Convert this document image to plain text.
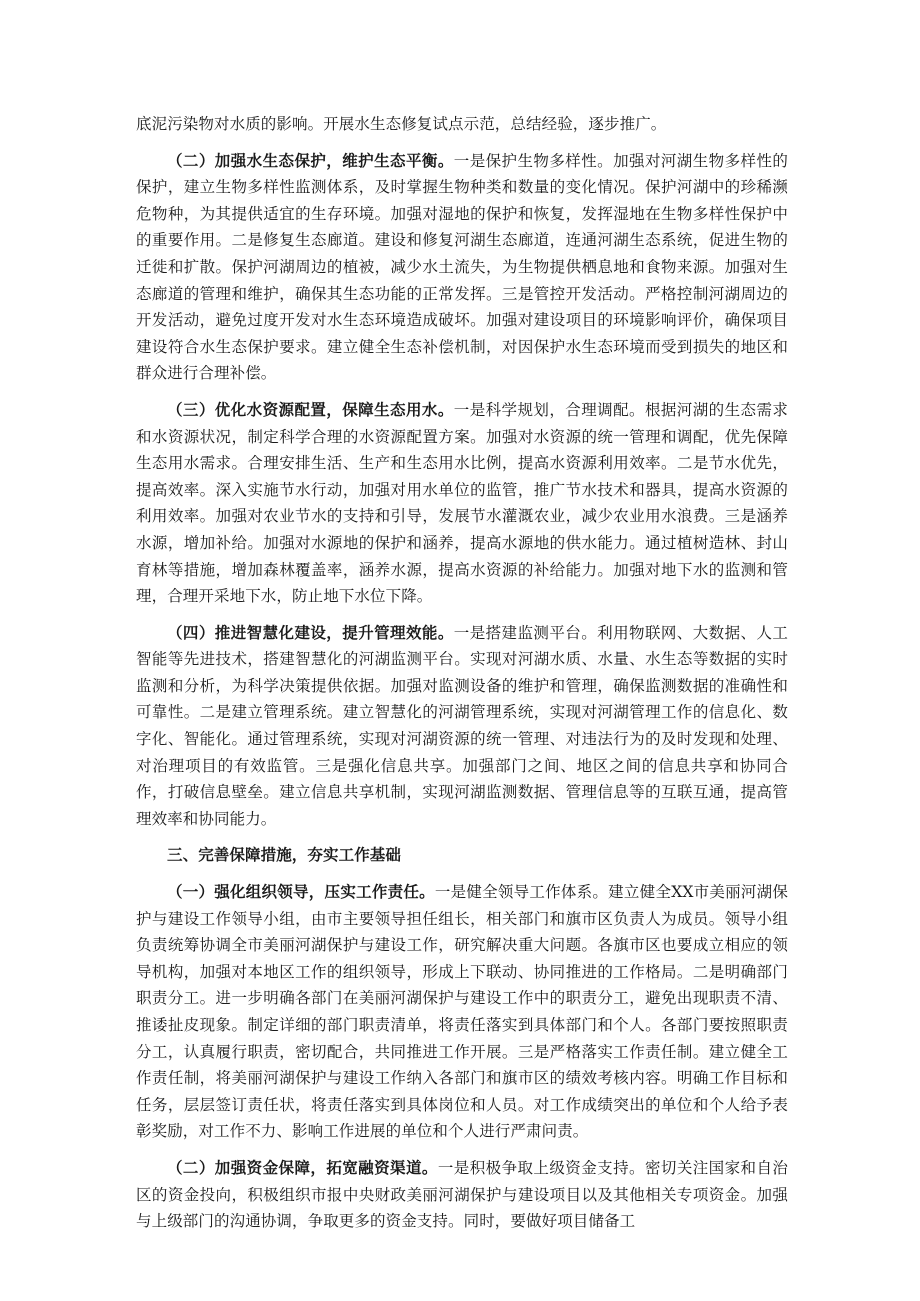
底泥污染物对水质的影响。开展水生态修复试点示范，总结经验，逐步推广。

（二）加强水生态保护，维护生态平衡。一是保护生物多样性。加强对河湖生物多样性的保护，建立生物多样性监测体系，及时掌握生物种类和数量的变化情况。保护河湖中的珍稀濒危物种，为其提供适宜的生存环境。加强对湿地的保护和恢复，发挥湿地在生物多样性保护中的重要作用。二是修复生态廊道。建设和修复河湖生态廊道，连通河湖生态系统，促进生物的迁徙和扩散。保护河湖周边的植被，减少水土流失，为生物提供栖息地和食物来源。加强对生态廊道的管理和维护，确保其生态功能的正常发挥。三是管控开发活动。严格控制河湖周边的开发活动，避免过度开发对水生态环境造成破坏。加强对建设项目的环境影响评价，确保项目建设符合水生态保护要求。建立健全生态补偿机制，对因保护水生态环境而受到损失的地区和群众进行合理补偿。

（三）优化水资源配置，保障生态用水。一是科学规划，合理调配。根据河湖的生态需求和水资源状况，制定科学合理的水资源配置方案。加强对水资源的统一管理和调配，优先保障生态用水需求。合理安排生活、生产和生态用水比例，提高水资源利用效率。二是节水优先，提高效率。深入实施节水行动，加强对用水单位的监管，推广节水技术和器具，提高水资源的利用效率。加强对农业节水的支持和引导，发展节水灌溉农业，减少农业用水浪费。三是涵养水源，增加补给。加强对水源地的保护和涵养，提高水源地的供水能力。通过植树造林、封山育林等措施，增加森林覆盖率，涵养水源，提高水资源的补给能力。加强对地下水的监测和管理，合理开采地下水，防止地下水位下降。

（四）推进智慧化建设，提升管理效能。一是搭建监测平台。利用物联网、大数据、人工智能等先进技术，搭建智慧化的河湖监测平台。实现对河湖水质、水量、水生态等数据的实时监测和分析，为科学决策提供依据。加强对监测设备的维护和管理，确保监测数据的准确性和可靠性。二是建立管理系统。建立智慧化的河湖管理系统，实现对河湖管理工作的信息化、数字化、智能化。通过管理系统，实现对河湖资源的统一管理、对违法行为的及时发现和处理、对治理项目的有效监管。三是强化信息共享。加强部门之间、地区之间的信息共享和协同合作，打破信息壁垒。建立信息共享机制，实现河湖监测数据、管理信息等的互联互通，提高管理效率和协同能力。

三、完善保障措施，夯实工作基础

（一）强化组织领导，压实工作责任。一是健全领导工作体系。建立健全XX市美丽河湖保护与建设工作领导小组，由市主要领导担任组长，相关部门和旗市区负责人为成员。领导小组负责统筹协调全市美丽河湖保护与建设工作，研究解决重大问题。各旗市区也要成立相应的领导机构，加强对本地区工作的组织领导，形成上下联动、协同推进的工作格局。二是明确部门职责分工。进一步明确各部门在美丽河湖保护与建设工作中的职责分工，避免出现职责不清、推诿扯皮现象。制定详细的部门职责清单，将责任落实到具体部门和个人。各部门要按照职责分工，认真履行职责，密切配合，共同推进工作开展。三是严格落实工作责任制。建立健全工作责任制，将美丽河湖保护与建设工作纳入各部门和旗市区的绩效考核内容。明确工作目标和任务，层层签订责任状，将责任落实到具体岗位和人员。对工作成绩突出的单位和个人给予表彰奖励，对工作不力、影响工作进展的单位和个人进行严肃问责。

（二）加强资金保障，拓宽融资渠道。一是积极争取上级资金支持。密切关注国家和自治区的资金投向，积极组织市报中央财政美丽河湖保护与建设项目以及其他相关专项资金。加强与上级部门的沟通协调，争取更多的资金支持。同时，要做好项目储备工
